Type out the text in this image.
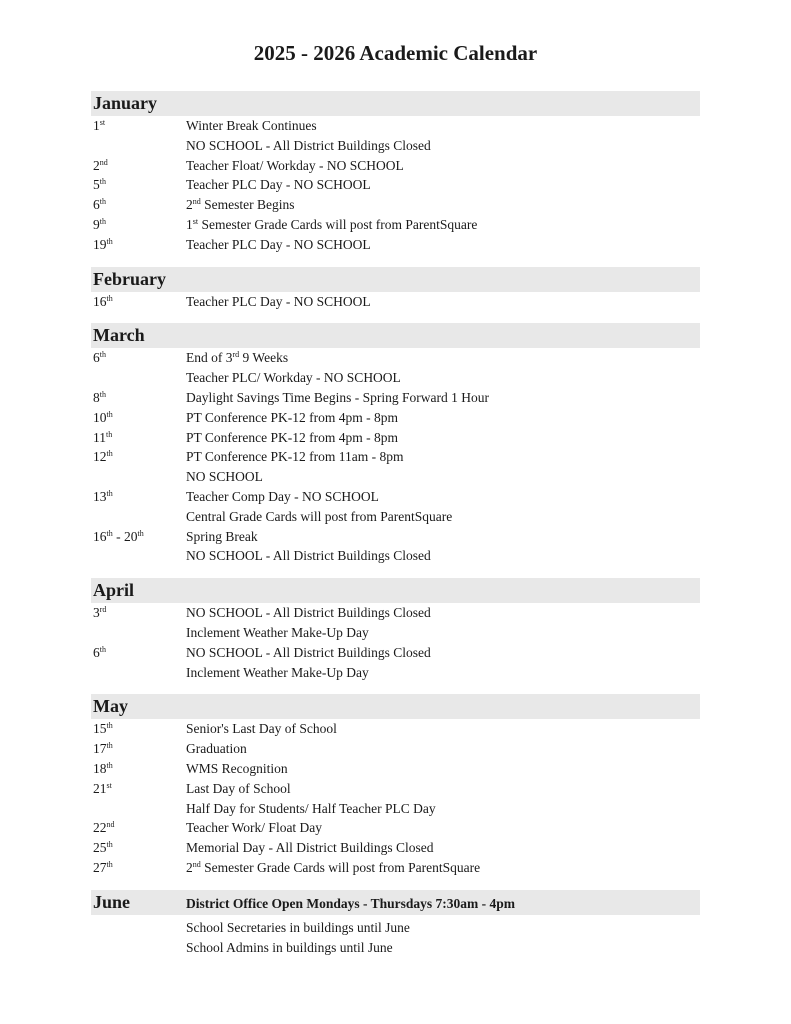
2025 - 2026 Academic Calendar
January
1st	Winter Break Continues
NO SCHOOL - All District Buildings Closed
2nd	Teacher Float/ Workday - NO SCHOOL
5th	Teacher PLC Day - NO SCHOOL
6th	2nd Semester Begins
9th	1st Semester Grade Cards will post from ParentSquare
19th	Teacher PLC Day - NO SCHOOL
February
16th	Teacher PLC Day - NO SCHOOL
March
6th	End of 3rd 9 Weeks
Teacher PLC/ Workday - NO SCHOOL
8th	Daylight Savings Time Begins - Spring Forward 1 Hour
10th	PT Conference PK-12 from 4pm - 8pm
11th	PT Conference PK-12 from 4pm - 8pm
12th	PT Conference PK-12 from 11am - 8pm
NO SCHOOL
13th	Teacher Comp Day - NO SCHOOL
Central Grade Cards will post from ParentSquare
16th - 20th	Spring Break
NO SCHOOL - All District Buildings Closed
April
3rd	NO SCHOOL - All District Buildings Closed
Inclement Weather Make-Up Day
6th	NO SCHOOL - All District Buildings Closed
Inclement Weather Make-Up Day
May
15th	Senior's Last Day of School
17th	Graduation
18th	WMS Recognition
21st	Last Day of School
Half Day for Students/ Half Teacher PLC Day
22nd	Teacher Work/ Float Day
25th	Memorial Day - All District Buildings Closed
27th	2nd Semester Grade Cards will post from ParentSquare
June	District Office Open Mondays - Thursdays 7:30am - 4pm
School Secretaries in buildings until June
School Admins in buildings until June
